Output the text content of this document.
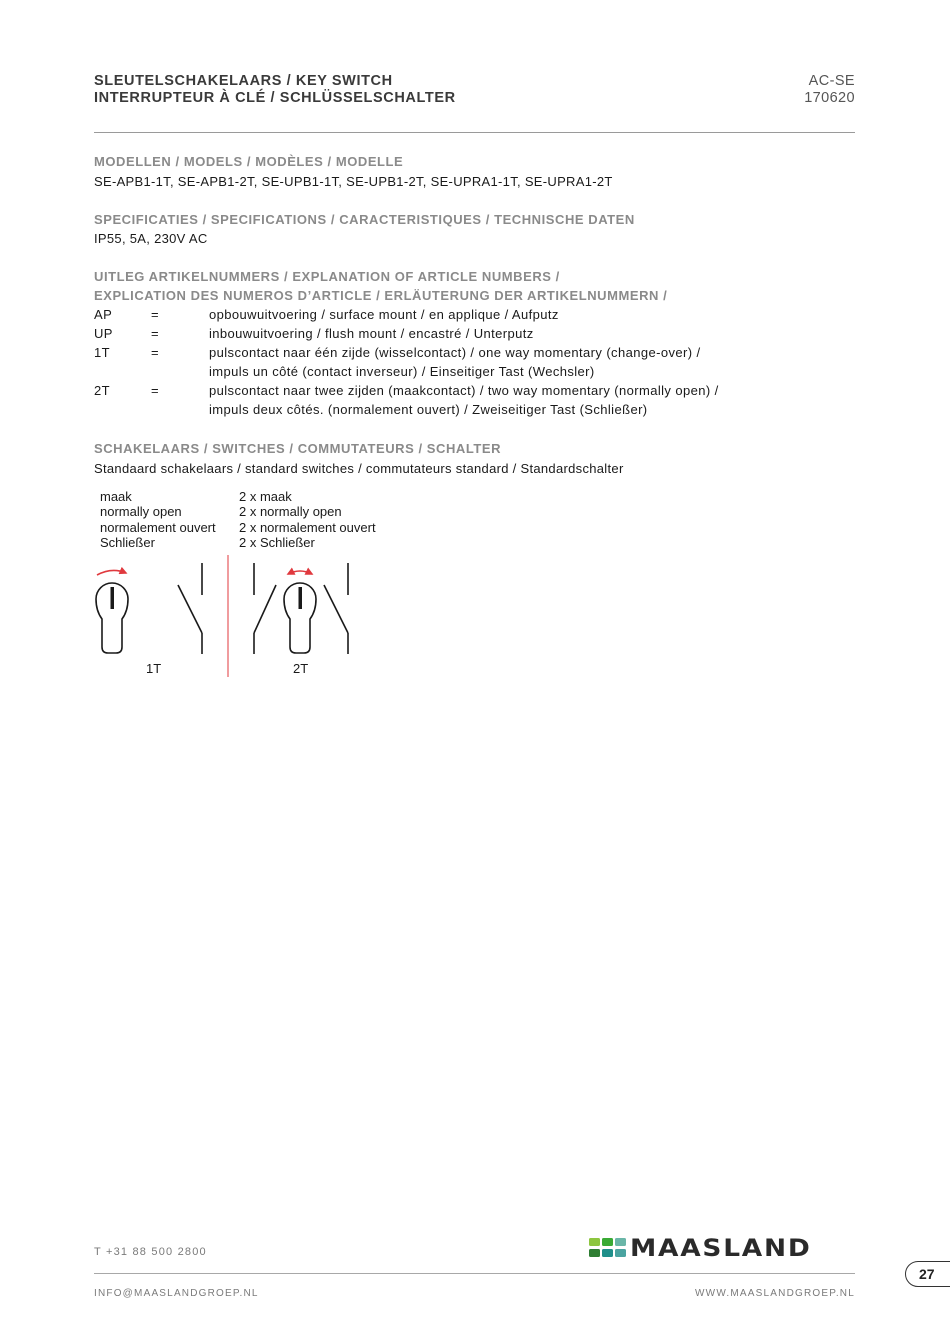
SLEUTELSCHAKELAARS / KEY SWITCH
INTERRUPTEUR À CLÉ / SCHLÜSSELSCHALTER
AC-SE
170620
MODELLEN / MODELS / MODÈLES / MODELLE
SE-APB1-1T, SE-APB1-2T, SE-UPB1-1T, SE-UPB1-2T, SE-UPRA1-1T, SE-UPRA1-2T
SPECIFICATIES / SPECIFICATIONS / CARACTERISTIQUES / TECHNISCHE DATEN
IP55, 5A, 230V AC
UITLEG ARTIKELNUMMERS / EXPLANATION OF ARTICLE NUMBERS /
EXPLICATION DES NUMEROS D’ARTICLE / ERLÄUTERUNG DER ARTIKELNUMMERN /
AP	=	opbouwuitvoering / surface mount / en applique / Aufputz
UP	=	inbouwuitvoering / flush mount / encastré / Unterputz
1T	=	pulscontact naar één zijde (wisselcontact) / one way momentary (change-over) /
impuls un côté (contact inverseur) / Einseitiger Tast (Wechsler)
2T	=	pulscontact naar twee zijden (maakcontact) / two way momentary (normally open) /
impuls deux côtés. (normalement ouvert) / Zweiseitiger Tast (Schließer)
SCHAKELAARS / SWITCHES / COMMUTATEURS / SCHALTER
Standaard schakelaars / standard switches / commutateurs standard / Standardschalter
maak
normally open
normalement ouvert
Schließer
2 x maak
2 x normally open
2 x normalement ouvert
2 x Schließer
1T	2T
T +31 88 500 2800	MAASLAND
INFO@MAASLANDGROEP.NL	WWW.MAASLANDGROEP.NL
27
